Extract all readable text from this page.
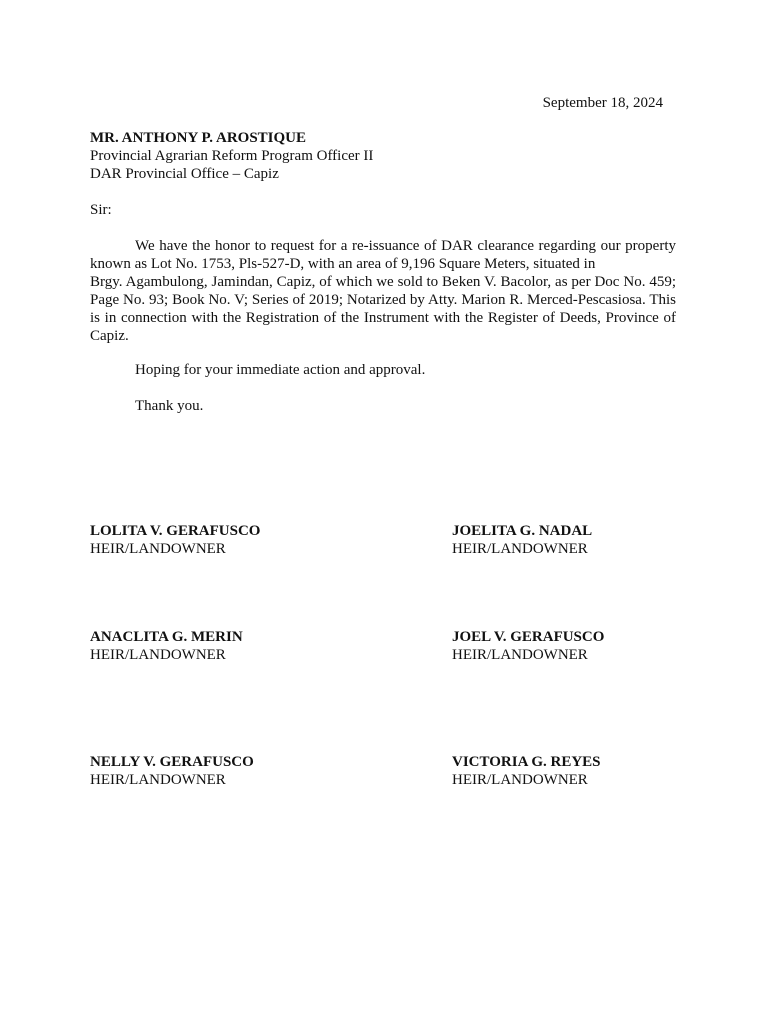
September 18, 2024
MR. ANTHONY P. AROSTIQUE
Provincial Agrarian Reform Program Officer II
DAR Provincial Office – Capiz
Sir:
We have the honor to request for a re-issuance of DAR clearance regarding our property
known as Lot No. 1753, Pls-527-D, with an area of 9,196 Square Meters, situated in
Brgy. Agambulong, Jamindan, Capiz, of which we sold to Beken V. Bacolor, as per Doc No. 459; Page No. 93; Book No. V; Series of 2019; Notarized by Atty. Marion R. Merced-Pescasiosa. This is in connection with the Registration of the Instrument with the Register of Deeds, Province of Capiz.
Hoping for your immediate action and approval.
Thank you.
LOLITA V. GERAFUSCO
HEIR/LANDOWNER
JOELITA G. NADAL
HEIR/LANDOWNER
ANACLITA G. MERIN
HEIR/LANDOWNER
JOEL V. GERAFUSCO
HEIR/LANDOWNER
NELLY V. GERAFUSCO
HEIR/LANDOWNER
VICTORIA G. REYES
HEIR/LANDOWNER
